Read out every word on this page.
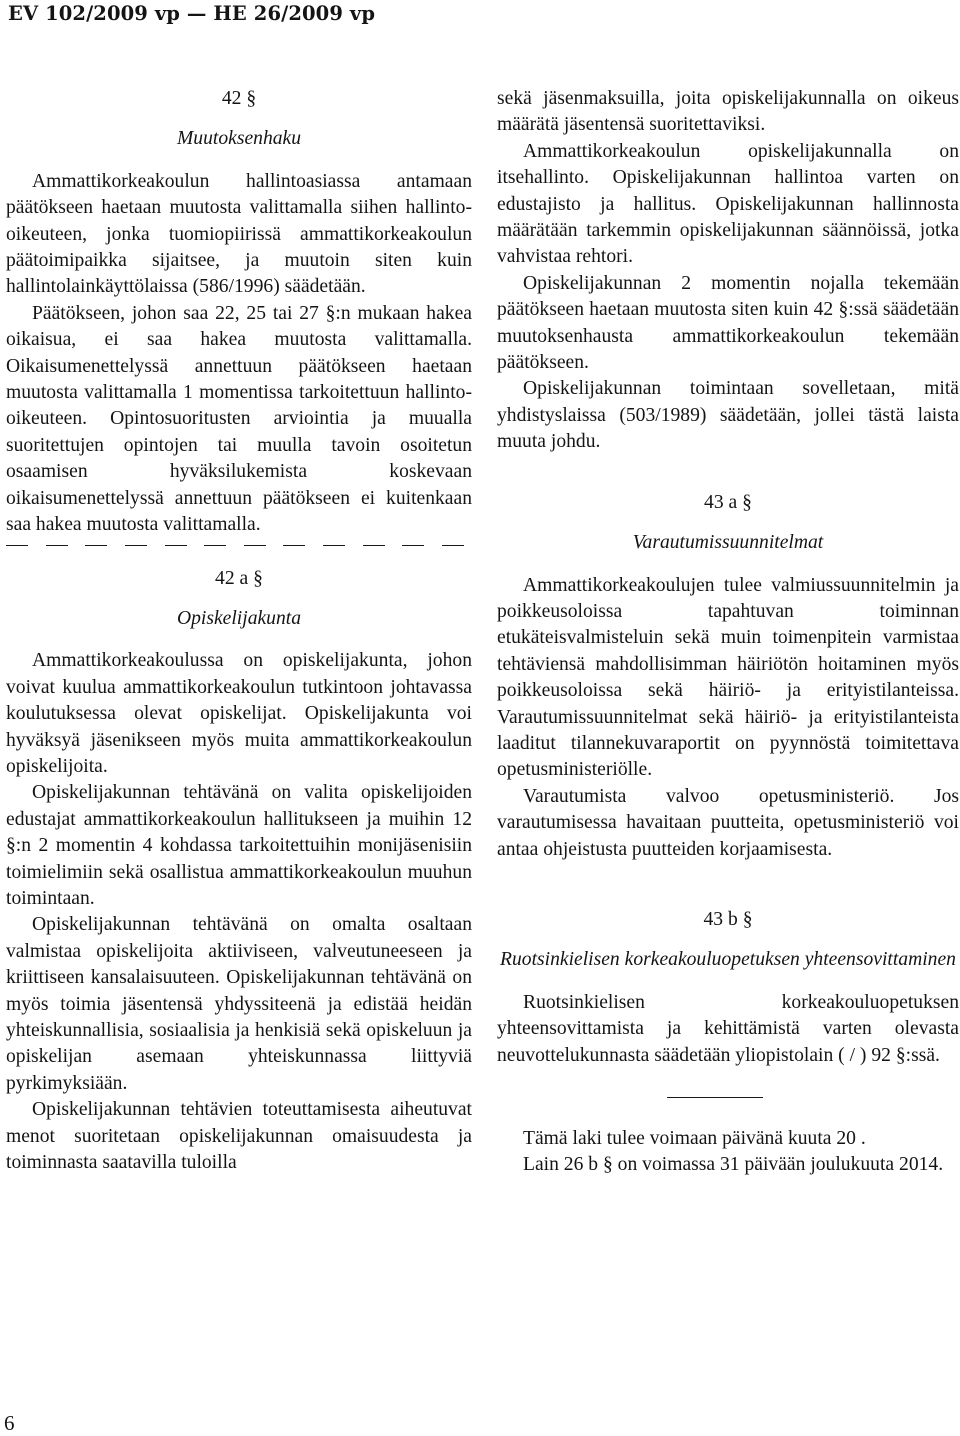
EV 102/2009 vp — HE 26/2009 vp

42 §

Muutoksenhaku

Ammattikorkeakoulun hallintoasiassa antamaan päätökseen haetaan muutosta valittamalla siihen hallinto-oikeuteen, jonka tuomiopiirissä ammattikorkeakoulun päätoimipaikka sijaitsee, ja muutoin siten kuin hallintolainkäyttölaissa (586/1996) säädetään.

Päätökseen, johon saa 22, 25 tai 27 §:n mukaan hakea oikaisua, ei saa hakea muutosta valittamalla. Oikaisumenettelyssä annettuun päätökseen haetaan muutosta valittamalla 1 momentissa tarkoitettuun hallinto-oikeuteen. Opintosuoritusten arviointia ja muualla suoritettujen opintojen tai muulla tavoin osoitetun osaamisen hyväksilukemista koskevaan oikaisumenettelyssä annettuun päätökseen ei kuitenkaan saa hakea muutosta valittamalla.

42 a §

Opiskelijakunta

Ammattikorkeakoulussa on opiskelijakunta, johon voivat kuulua ammattikorkeakoulun tutkintoon johtavassa koulutuksessa olevat opiskelijat. Opiskelijakunta voi hyväksyä jäsenikseen myös muita ammattikorkeakoulun opiskelijoita.

Opiskelijakunnan tehtävänä on valita opiskelijoiden edustajat ammattikorkeakoulun hallitukseen ja muihin 12 §:n 2 momentin 4 kohdassa tarkoitettuihin monijäsenisiin toimielimiin sekä osallistua ammattikorkeakoulun muuhun toimintaan.

Opiskelijakunnan tehtävänä on omalta osaltaan valmistaa opiskelijoita aktiiviseen, valveutuneeseen ja kriittiseen kansalaisuuteen. Opiskelijakunnan tehtävänä on myös toimia jäsentensä yhdyssiteenä ja edistää heidän yhteiskunnallisia, sosiaalisia ja henkisiä sekä opiskeluun ja opiskelijan asemaan yhteiskunnassa liittyviä pyrkimyksiään.

Opiskelijakunnan tehtävien toteuttamisesta aiheutuvat menot suoritetaan opiskelijakunnan omaisuudesta ja toiminnasta saatavilla tuloilla

sekä jäsenmaksuilla, joita opiskelijakunnalla on oikeus määrätä jäsentensä suoritettaviksi.

Ammattikorkeakoulun opiskelijakunnalla on itsehallinto. Opiskelijakunnan hallintoa varten on edustajisto ja hallitus. Opiskelijakunnan hallinnosta määrätään tarkemmin opiskelijakunnan säännöissä, jotka vahvistaa rehtori.

Opiskelijakunnan 2 momentin nojalla tekemään päätökseen haetaan muutosta siten kuin 42 §:ssä säädetään muutoksenhausta ammattikorkeakoulun tekemään päätökseen.

Opiskelijakunnan toimintaan sovelletaan, mitä yhdistyslaissa (503/1989) säädetään, jollei tästä laista muuta johdu.

43 a §

Varautumissuunnitelmat

Ammattikorkeakoulujen tulee valmiussuunnitelmin ja poikkeusoloissa tapahtuvan toiminnan etukäteisvalmisteluin sekä muin toimenpitein varmistaa tehtäviensä mahdollisimman häiriötön hoitaminen myös poikkeusoloissa sekä häiriö- ja erityistilanteissa. Varautumissuunnitelmat sekä häiriö- ja erityistilanteista laaditut tilannekuvaraportit on pyynnöstä toimitettava opetusministeriölle.

Varautumista valvoo opetusministeriö. Jos varautumisessa havaitaan puutteita, opetusministeriö voi antaa ohjeistusta puutteiden korjaamisesta.

43 b §

Ruotsinkielisen korkeakouluopetuksen yhteensovittaminen

Ruotsinkielisen korkeakouluopetuksen yhteensovittamista ja kehittämistä varten olevasta neuvottelukunnasta säädetään yliopistolain ( / ) 92 §:ssä.

Tämä laki tulee voimaan päivänä kuuta 20 .

Lain 26 b § on voimassa 31 päivään joulukuuta 2014.

6
